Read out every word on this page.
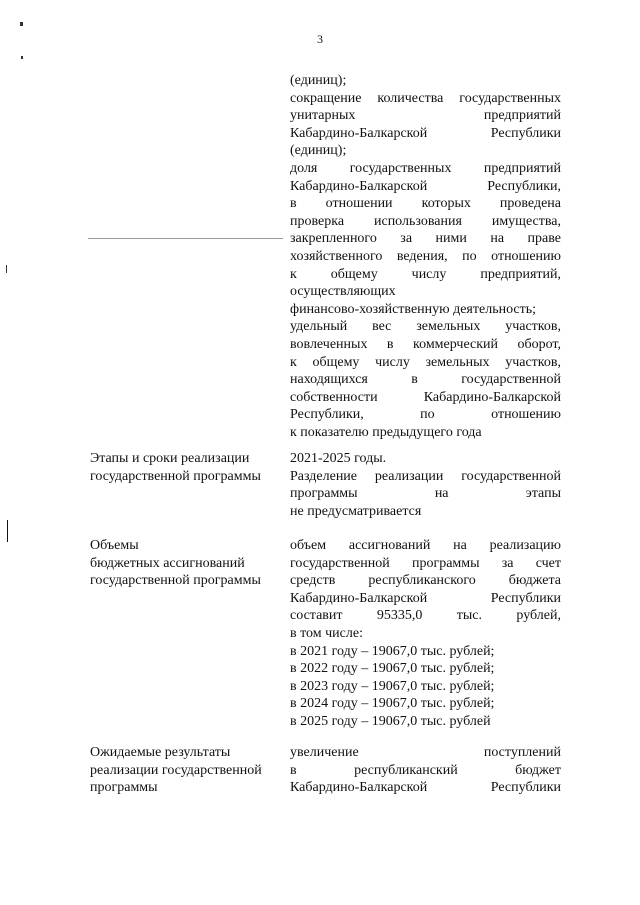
3
(единиц);
сокращение количества государственных
унитарных предприятий
Кабардино-Балкарской Республики
(единиц);
доля государственных предприятий
Кабардино-Балкарской Республики,
в отношении которых проведена
проверка использования имущества,
закрепленного за ними на праве
хозяйственного ведения, по отношению
к общему числу предприятий,
осуществляющих
финансово-хозяйственную деятельность;
удельный вес земельных участков,
вовлеченных в коммерческий оборот,
к общему числу земельных участков,
находящихся в государственной
собственности Кабардино-Балкарской
Республики, по отношению
к показателю предыдущего года
Этапы и сроки реализации
государственной программы
2021-2025 годы.
Разделение реализации государственной
программы на этапы
не предусматривается
Объемы
бюджетных ассигнований
государственной программы
объем ассигнований на реализацию
государственной программы за счет
средств республиканского бюджета
Кабардино-Балкарской Республики
составит 95335,0 тыс. рублей,
в том числе:
в 2021 году – 19067,0 тыс. рублей;
в 2022 году – 19067,0 тыс. рублей;
в 2023 году – 19067,0 тыс. рублей;
в 2024 году – 19067,0 тыс. рублей;
в 2025 году – 19067,0 тыс. рублей
Ожидаемые результаты
реализации государственной
программы
увеличение поступлений
в республиканский бюджет
Кабардино-Балкарской Республики
